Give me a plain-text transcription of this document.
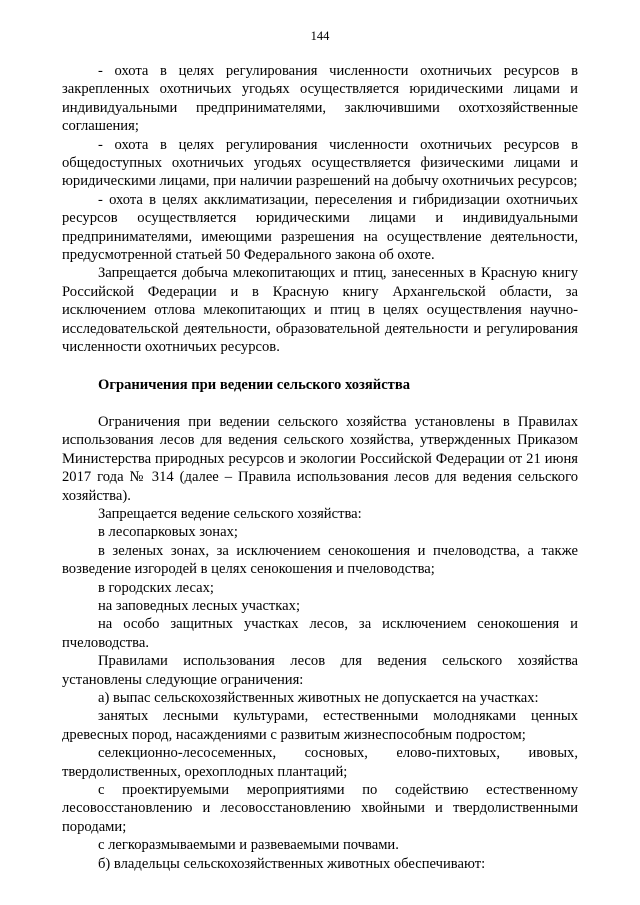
144

- охота в целях регулирования численности охотничьих ресурсов в закрепленных охотничьих угодьях осуществляется юридическими лицами и индивидуальными предпринимателями, заключившими охотхозяйственные соглашения;

- охота в целях регулирования численности охотничьих ресурсов в общедоступных охотничьих угодьях осуществляется физическими лицами и юридическими лицами, при наличии разрешений на добычу охотничьих ресурсов;

- охота в целях акклиматизации, переселения и гибридизации охотничьих ресурсов осуществляется юридическими лицами и индивидуальными предпринимателями, имеющими разрешения на осуществление деятельности, предусмотренной статьей 50 Федерального закона об охоте.

Запрещается добыча млекопитающих и птиц, занесенных в Красную книгу Российской Федерации и в Красную книгу Архангельской области, за исключением отлова млекопитающих и птиц в целях осуществления научно-исследовательской деятельности, образовательной деятельности и регулирования численности охотничьих ресурсов.

Ограничения при ведении сельского хозяйства

Ограничения при ведении сельского хозяйства установлены в Правилах использования лесов для ведения сельского хозяйства, утвержденных Приказом Министерства природных ресурсов и экологии Российской Федерации от 21 июня 2017 года № 314 (далее – Правила использования лесов для ведения сельского хозяйства).

Запрещается ведение сельского хозяйства:

в лесопарковых зонах;

в зеленых зонах, за исключением сенокошения и пчеловодства, а также возведение изгородей в целях сенокошения и пчеловодства;

в городских лесах;

на заповедных лесных участках;

на особо защитных участках лесов, за исключением сенокошения и пчеловодства.

Правилами использования лесов для ведения сельского хозяйства установлены следующие ограничения:

а) выпас сельскохозяйственных животных не допускается на участках:

занятых лесными культурами, естественными молодняками ценных древесных пород, насаждениями с развитым жизнеспособным подростом;

селекционно-лесосеменных, сосновых, елово-пихтовых, ивовых, твердолиственных, орехоплодных плантаций;

с проектируемыми мероприятиями по содействию естественному лесовосстановлению и лесовосстановлению хвойными и твердолиственными породами;

с легкоразмываемыми и развеваемыми почвами.

б) владельцы сельскохозяйственных животных обеспечивают:
